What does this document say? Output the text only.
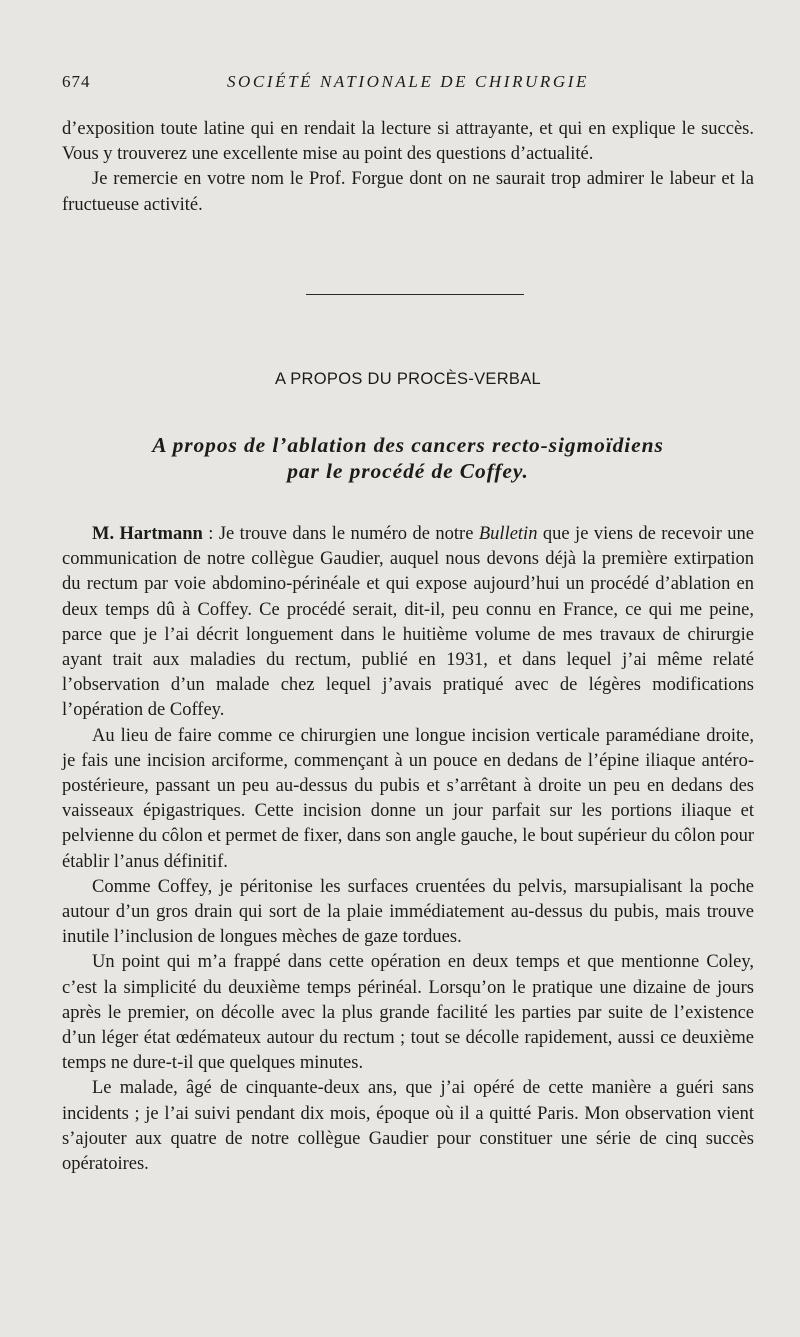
674	SOCIÉTÉ NATIONALE DE CHIRURGIE

d’exposition toute latine qui en rendait la lecture si attrayante, et qui en explique le succès. Vous y trouverez une excellente mise au point des questions d’actualité.

Je remercie en votre nom le Prof. Forgue dont on ne saurait trop admirer le labeur et la fructueuse activité.

A PROPOS DU PROCÈS-VERBAL
A propos de l’ablation des cancers recto-sigmoïdiens
par le procédé de Coffey.

M. Hartmann : Je trouve dans le numéro de notre Bulletin que je viens de recevoir une communication de notre collègue Gaudier, auquel nous devons déjà la première extirpation du rectum par voie abdomino-périnéale et qui expose aujourd’hui un procédé d’ablation en deux temps dû à Coffey. Ce procédé serait, dit-il, peu connu en France, ce qui me peine, parce que je l’ai décrit longuement dans le huitième volume de mes travaux de chirurgie ayant trait aux maladies du rectum, publié en 1931, et dans lequel j’ai même relaté l’observation d’un malade chez lequel j’avais pratiqué avec de légères modifications l’opération de Coffey.

Au lieu de faire comme ce chirurgien une longue incision verticale paramédiane droite, je fais une incision arciforme, commençant à un pouce en dedans de l’épine iliaque antéro-postérieure, passant un peu au-dessus du pubis et s’arrêtant à droite un peu en dedans des vaisseaux épigastriques. Cette incision donne un jour parfait sur les portions iliaque et pelvienne du côlon et permet de fixer, dans son angle gauche, le bout supérieur du côlon pour établir l’anus définitif.

Comme Coffey, je péritonise les surfaces cruentées du pelvis, marsupialisant la poche autour d’un gros drain qui sort de la plaie immédiatement au-dessus du pubis, mais trouve inutile l’inclusion de longues mèches de gaze tordues.

Un point qui m’a frappé dans cette opération en deux temps et que mentionne Coley, c’est la simplicité du deuxième temps périnéal. Lorsqu’on le pratique une dizaine de jours après le premier, on décolle avec la plus grande facilité les parties par suite de l’existence d’un léger état œdémateux autour du rectum ; tout se décolle rapidement, aussi ce deuxième temps ne dure-t-il que quelques minutes.

Le malade, âgé de cinquante-deux ans, que j’ai opéré de cette manière a guéri sans incidents ; je l’ai suivi pendant dix mois, époque où il a quitté Paris. Mon observation vient s’ajouter aux quatre de notre collègue Gaudier pour constituer une série de cinq succès opératoires.
